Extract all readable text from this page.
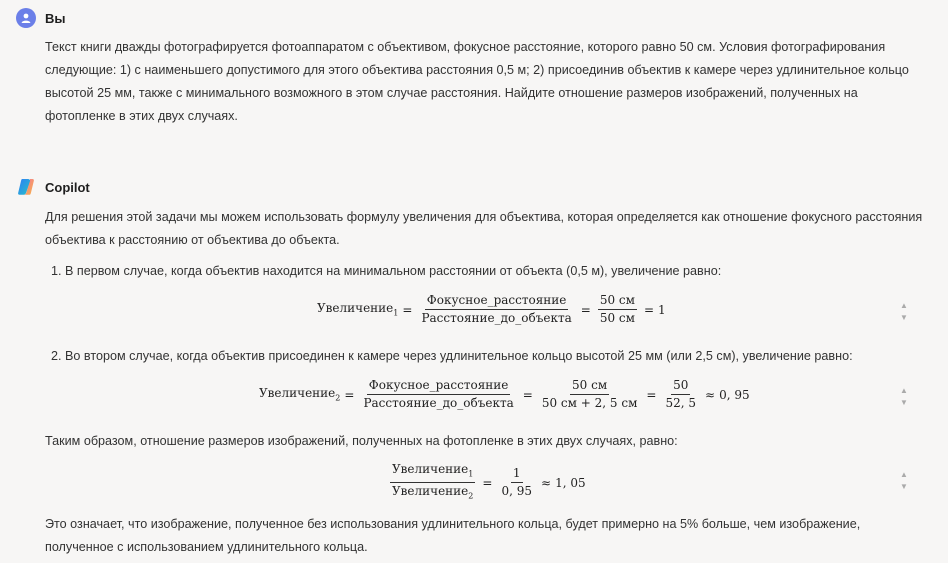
Вы
Текст книги дважды фотографируется фотоаппаратом с объективом, фокусное расстояние, которого равно 50 см. Условия фотографирования следующие: 1) с наименьшего допустимого для этого объектива расстояния 0,5 м; 2) присоединив объектив к камере через удлинительное кольцо высотой 25 мм, также с минимального возможного в этом случае расстояния. Найдите отношение размеров изображений, полученных на фотопленке в этих двух случаях.
Copilot
Для решения этой задачи мы можем использовать формулу увеличения для объектива, которая определяется как отношение фокусного расстояния объектива к расстоянию от объектива до объекта.
1. В первом случае, когда объектив находится на минимальном расстоянии от объекта (0,5 м), увеличение равно:
Увеличение$_1$ = $\frac{\text{Фокусное\_расстояние}}{\text{Расстояние\_до\_объекта}} = \frac{50 см}{50 см} = 1$	▲
▼
2. Во втором случае, когда объектив присоединен к камере через удлинительное кольцо высотой 25 мм (или 2,5 см), увеличение равно:
Увеличение$_2$ = $\frac{\text{Фокусное\_расстояние}}{\text{Расстояние\_до\_объекта}} = \frac{50 см}{50 см + 2, 5 см} = \frac{50}{52, 5} \approx 0$, 95	▲
▼
Таким образом, отношение размеров изображений, полученных на фотопленке в этих двух случаях, равно:
$\frac{Увеличение_1}{Увеличение_2} = \frac{1}{0, 95} \approx 1$, 05
▲
▼
Это означает, что изображение, полученное без использования удлинительного кольца, будет примерно на 5% больше, чем изображение, полученное с использованием удлинительного кольца.
